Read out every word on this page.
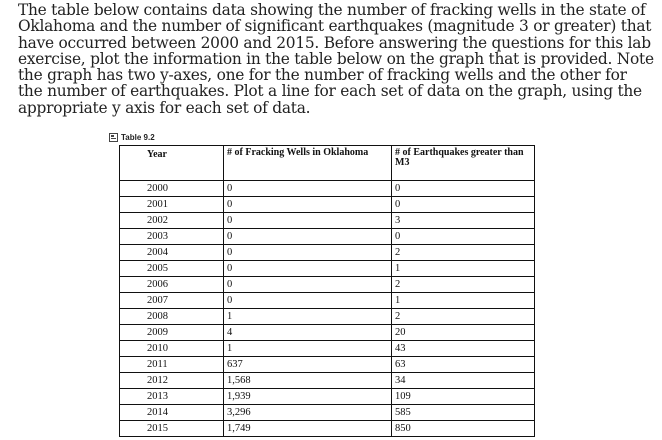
The table below contains data showing the number of fracking wells in the state of Oklahoma and the number of significant earthquakes (magnitude 3 or greater) that have occurred between 2000 and 2015. Before answering the questions for this lab exercise, plot the information in the table below on the graph that is provided. Note the graph has two y-axes, one for the number of fracking wells and the other for the number of earthquakes. Plot a line for each set of data on the graph, using the appropriate y axis for each set of data.

Table 9.2
Year	# of Fracking Wells in Oklahoma	# of Earthquakes greater than M3

2000	0	0
2001	0	0
2002	0	3
2003	0	0
2004	0	2
2005	0	1
2006	0	2
2007	0	1
2008	1	2
2009	4	20
2010	1	43
2011	637	63
2012	1,568	34
2013	1,939	109
2014	3,296	585
2015	1,749	850
